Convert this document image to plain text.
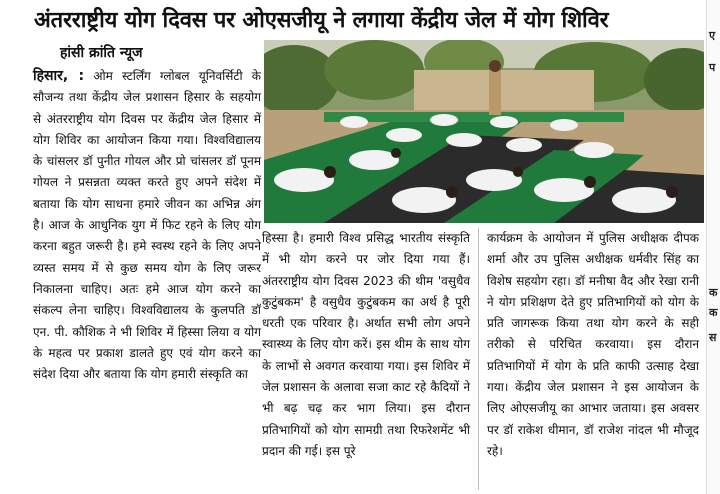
अंतरराष्ट्रीय योग दिवस पर ओएसजीयू ने लगाया केंद्रीय जेल में योग शिविर
ए
प
क
क
स
हांसी क्रांति न्यूज
हिसार, : ओम स्टर्लिंग ग्लोबल यूनिवर्सिटी के सौजन्य तथा केंद्रीय जेल प्रशासन हिसार के सहयोग से अंतरराष्ट्रीय योग दिवस पर केंद्रीय जेल हिसार में योग शिविर का आयोजन किया गया। विश्वविद्यालय के चांसलर डॉ पुनीत गोयल और प्रो चांसलर डॉ पूनम गोयल ने प्रसन्नता व्यक्त करते हुए अपने संदेश में बताया कि योग साधना हमारे जीवन का अभिन्न अंग है। आज के आधुनिक युग में फिट रहने के लिए योग करना बहुत जरूरी है। हमे स्वस्थ रहने के लिए अपने व्यस्त समय में से कुछ समय योग के लिए जरूर निकालना चाहिए। अतः हमे आज योग करने का संकल्प लेना चाहिए। विश्वविद्यालय के कुलपति डॉ एन. पी. कौशिक ने भी शिविर में हिस्सा लिया व योग के महत्व पर प्रकाश डालते हुए एवं योग करने का संदेश दिया और बताया कि योग हमारी संस्कृति का
हिस्सा है। हमारी विश्व प्रसिद्ध भारतीय संस्कृति में भी योग करने पर जोर दिया गया हैं। अंतरराष्ट्रीय योग दिवस 2023 की थीम 'वसुधैव कुटुंबकम' है वसुधैव कुटुंबकम का अर्थ है पूरी धरती एक परिवार है। अर्थात सभी लोग अपने स्वास्थ्य के लिए योग करें। इस थीम के साथ योग के लाभों से अवगत करवाया गया। इस शिविर में जेल प्रशासन के अलावा सजा काट रहे कैदियों ने भी बढ़ चढ़ कर भाग लिया। इस दौरान प्रतिभागियों को योग सामग्री तथा रिफरेशमेंट भी प्रदान की गई। इस पूरे
कार्यक्रम के आयोजन में पुलिस अधीक्षक दीपक शर्मा और उप पुलिस अधीक्षक धर्मवीर सिंह का विशेष सहयोग रहा। डॉ मनीषा वैद और रेखा रानी ने योग प्रशिक्षण देते हुए प्रतिभागियों को योग के प्रति जागरूक किया तथा योग करने के सही तरीको से परिचित करवाया। इस दौरान प्रतिभागियों में योग के प्रति काफी उत्साह देखा गया। केंद्रीय जेल प्रशासन ने इस आयोजन के लिए ओएसजीयू का आभार जताया। इस अवसर पर डॉ राकेश धीमान, डॉ राजेश नांदल भी मौजूद रहे।
